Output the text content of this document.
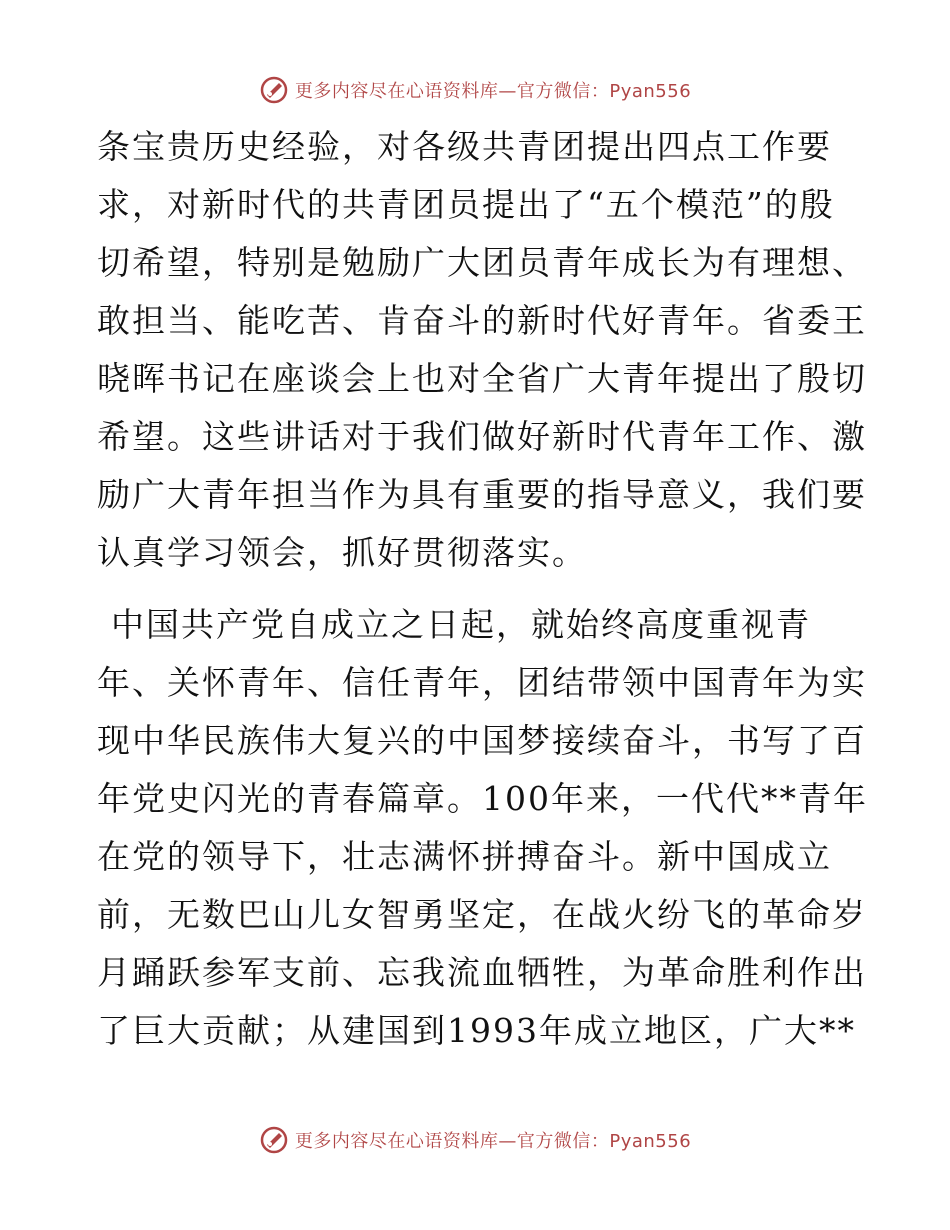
更多内容尽在心语资料库—官方微信：Pyan556

条宝贵历史经验，对各级共青团提出四点工作要
求，对新时代的共青团员提出了“五个模范”的殷
切希望，特别是勉励广大团员青年成长为有理想、
敢担当、能吃苦、肯奋斗的新时代好青年。省委王
晓晖书记在座谈会上也对全省广大青年提出了殷切
希望。这些讲话对于我们做好新时代青年工作、激
励广大青年担当作为具有重要的指导意义，我们要
认真学习领会，抓好贯彻落实。

中国共产党自成立之日起，就始终高度重视青
年、关怀青年、信任青年，团结带领中国青年为实
现中华民族伟大复兴的中国梦接续奋斗，书写了百
年党史闪光的青春篇章。100年来，一代代**青年
在党的领导下，壮志满怀拼搏奋斗。新中国成立
前，无数巴山儿女智勇坚定，在战火纷飞的革命岁
月踊跃参军支前、忘我流血牺牲，为革命胜利作出
了巨大贡献；从建国到1993年成立地区，广大**

更多内容尽在心语资料库—官方微信：Pyan556
